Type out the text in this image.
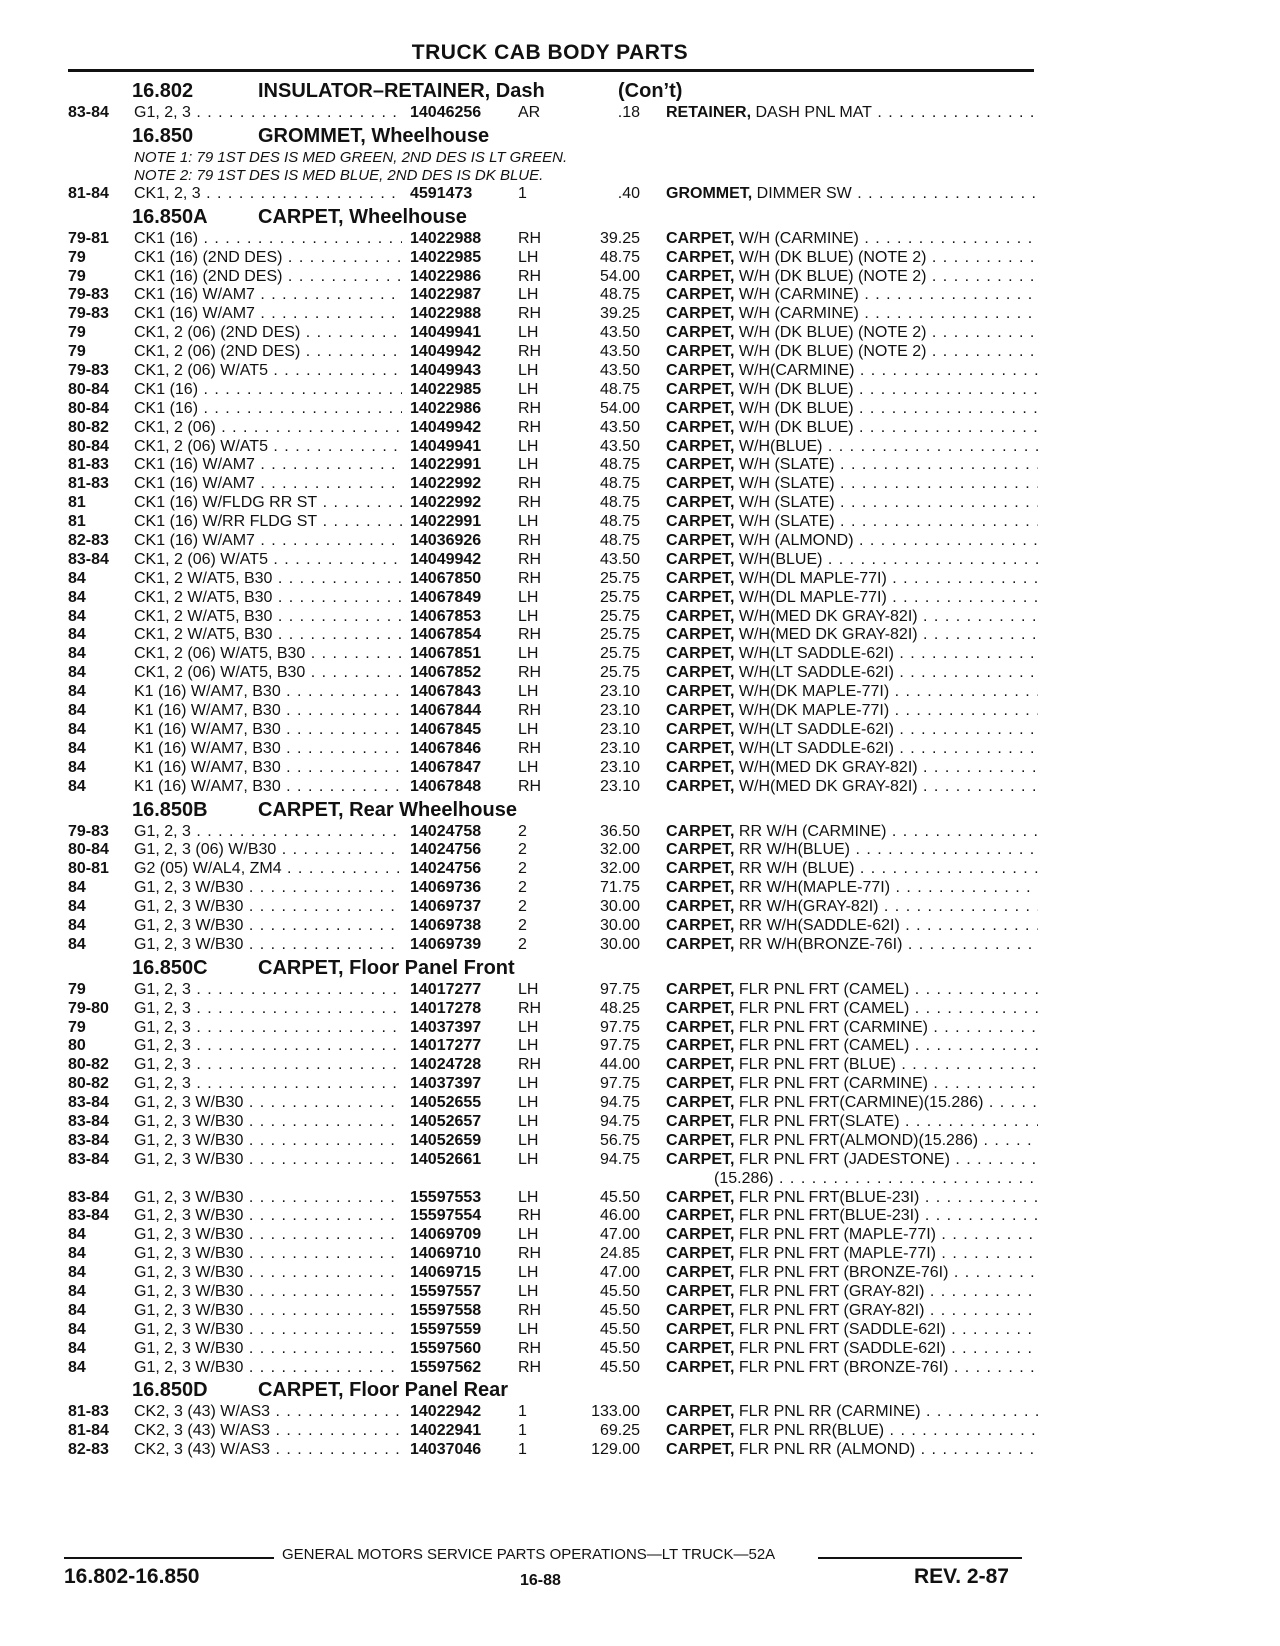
TRUCK CAB BODY PARTS
16.802	INSULATOR–RETAINER, Dash	(Con’t)
83-84 G1, 2, 3 . . .	14046256 AR	.18 RETAINER, DASH PNL MAT . . .
16.850	GROMMET, Wheelhouse
NOTE 1: 79 1ST DES IS MED GREEN, 2ND DES IS LT GREEN.
NOTE 2: 79 1ST DES IS MED BLUE, 2ND DES IS DK BLUE.
81-84 CK1, 2, 3 . . .	4591473	1	.40 GROMMET, DIMMER SW . . .
16.850A	CARPET, Wheelhouse
79-81 CK1 (16) . . .	14022988 RH	39.25 CARPET, W/H (CARMINE) . . .
79	CK1 (16) (2ND DES) . . .	14022985 LH	48.75 CARPET, W/H (DK BLUE) (NOTE 2) . . .
79	CK1 (16) (2ND DES) . . .	14022986 RH	54.00 CARPET, W/H (DK BLUE) (NOTE 2) . . .
79-83 CK1 (16) W/AM7 . . .	14022987 LH	48.75 CARPET, W/H (CARMINE) . . .
79-83 CK1 (16) W/AM7 . . .	14022988 RH	39.25 CARPET, W/H (CARMINE) . . .
79	CK1, 2 (06) (2ND DES) . . .	14049941 LH	43.50 CARPET, W/H (DK BLUE) (NOTE 2) . . .
79	CK1, 2 (06) (2ND DES) . . .	14049942 RH	43.50 CARPET, W/H (DK BLUE) (NOTE 2) . . .
79-83 CK1, 2 (06) W/AT5 . . .	14049943 LH	43.50 CARPET, W/H(CARMINE) . . .
80-84 CK1 (16) . . .	14022985 LH	48.75 CARPET, W/H (DK BLUE) . . .
80-84 CK1 (16) . . .	14022986 RH	54.00 CARPET, W/H (DK BLUE) . . .
80-82 CK1, 2 (06) . . .	14049942 RH	43.50 CARPET, W/H (DK BLUE) . . .
80-84 CK1, 2 (06) W/AT5 . . .	14049941 LH	43.50 CARPET, W/H(BLUE) . . .
81-83 CK1 (16) W/AM7 . . .	14022991 LH	48.75 CARPET, W/H (SLATE) . . .
81-83 CK1 (16) W/AM7 . . .	14022992 RH	48.75 CARPET, W/H (SLATE) . . .
81	CK1 (16) W/FLDG RR ST . . .	14022992 RH	48.75 CARPET, W/H (SLATE) . . .
81	CK1 (16) W/RR FLDG ST . . .	14022991 LH	48.75 CARPET, W/H (SLATE) . . .
82-83 CK1 (16) W/AM7 . . .	14036926 RH	48.75 CARPET, W/H (ALMOND) . . .
83-84 CK1, 2 (06) W/AT5 . . .	14049942 RH	43.50 CARPET, W/H(BLUE) . . .
84	CK1, 2 W/AT5, B30 . . .	14067850 RH	25.75 CARPET, W/H(DL MAPLE-77I) . . .
84	CK1, 2 W/AT5, B30 . . .	14067849 LH	25.75 CARPET, W/H(DL MAPLE-77I) . . .
84	CK1, 2 W/AT5, B30 . . .	14067853 LH	25.75 CARPET, W/H(MED DK GRAY-82I) . . .
84	CK1, 2 W/AT5, B30 . . .	14067854 RH	25.75 CARPET, W/H(MED DK GRAY-82I) . . .
84	CK1, 2 (06) W/AT5, B30 . . .	14067851 LH	25.75 CARPET, W/H(LT SADDLE-62I) . . .
84	CK1, 2 (06) W/AT5, B30 . . .	14067852 RH	25.75 CARPET, W/H(LT SADDLE-62I) . . .
84	K1 (16) W/AM7, B30 . . .	14067843 LH	23.10 CARPET, W/H(DK MAPLE-77I) . . .
84	K1 (16) W/AM7, B30 . . .	14067844 RH	23.10 CARPET, W/H(DK MAPLE-77I) . . .
84	K1 (16) W/AM7, B30 . . .	14067845 LH	23.10 CARPET, W/H(LT SADDLE-62I) . . .
84	K1 (16) W/AM7, B30 . . .	14067846 RH	23.10 CARPET, W/H(LT SADDLE-62I) . . .
84	K1 (16) W/AM7, B30 . . .	14067847 LH	23.10 CARPET, W/H(MED DK GRAY-82I) . . .
84	K1 (16) W/AM7, B30 . . .	14067848 RH	23.10 CARPET, W/H(MED DK GRAY-82I) . . .
16.850B	CARPET, Rear Wheelhouse
79-83 G1, 2, 3 . . .	14024758 2	36.50 CARPET, RR W/H (CARMINE) . . .
80-84 G1, 2, 3 (06) W/B30 . . .	14024756 2	32.00 CARPET, RR W/H(BLUE) . . .
80-81 G2 (05) W/AL4, ZM4 . . .	14024756 2	32.00 CARPET, RR W/H (BLUE) . . .
84	G1, 2, 3 W/B30 . . .	14069736 2	71.75 CARPET, RR W/H(MAPLE-77I) . . .
84	G1, 2, 3 W/B30 . . .	14069737 2	30.00 CARPET, RR W/H(GRAY-82I) . . .
84	G1, 2, 3 W/B30 . . .	14069738 2	30.00 CARPET, RR W/H(SADDLE-62I) . . .
84	G1, 2, 3 W/B30 . . .	14069739 2	30.00 CARPET, RR W/H(BRONZE-76I) . . .
16.850C	CARPET, Floor Panel Front
79	G1, 2, 3 . . .	14017277 LH	97.75 CARPET, FLR PNL FRT (CAMEL) . . .
79-80 G1, 2, 3 . . .	14017278 RH	48.25 CARPET, FLR PNL FRT (CAMEL) . . .
79	G1, 2, 3 . . .	14037397 LH	97.75 CARPET, FLR PNL FRT (CARMINE) . . .
80	G1, 2, 3 . . .	14017277 LH	97.75 CARPET, FLR PNL FRT (CAMEL) . . .
80-82 G1, 2, 3 . . .	14024728 RH	44.00 CARPET, FLR PNL FRT (BLUE) . . .
80-82 G1, 2, 3 . . .	14037397 LH	97.75 CARPET, FLR PNL FRT (CARMINE) . . .
83-84 G1, 2, 3 W/B30 . . .	14052655 LH	94.75 CARPET, FLR PNL FRT(CARMINE)(15.286) . . .
83-84 G1, 2, 3 W/B30 . . .	14052657 LH	94.75 CARPET, FLR PNL FRT(SLATE) . . .
83-84 G1, 2, 3 W/B30 . . .	14052659 LH	56.75 CARPET, FLR PNL FRT(ALMOND)(15.286) . . .
83-84 G1, 2, 3 W/B30 . . .	14052661 LH	94.75 CARPET, FLR PNL FRT (JADESTONE) . . .
(15.286) . . .
83-84 G1, 2, 3 W/B30 . . .	15597553 LH	45.50 CARPET, FLR PNL FRT(BLUE-23I) . . .
83-84 G1, 2, 3 W/B30 . . .	15597554 RH	46.00 CARPET, FLR PNL FRT(BLUE-23I) . . .
84	G1, 2, 3 W/B30 . . .	14069709 LH	47.00 CARPET, FLR PNL FRT (MAPLE-77I) . . .
84	G1, 2, 3 W/B30 . . .	14069710 RH	24.85 CARPET, FLR PNL FRT (MAPLE-77I) . . .
84	G1, 2, 3 W/B30 . . .	14069715 LH	47.00 CARPET, FLR PNL FRT (BRONZE-76I) . . .
84	G1, 2, 3 W/B30 . . .	15597557 LH	45.50 CARPET, FLR PNL FRT (GRAY-82I) . . .
84	G1, 2, 3 W/B30 . . .	15597558 RH	45.50 CARPET, FLR PNL FRT (GRAY-82I) . . .
84	G1, 2, 3 W/B30 . . .	15597559 LH	45.50 CARPET, FLR PNL FRT (SADDLE-62I) . . .
84	G1, 2, 3 W/B30 . . .	15597560 RH	45.50 CARPET, FLR PNL FRT (SADDLE-62I) . . .
84	G1, 2, 3 W/B30 . . .	15597562 RH	45.50 CARPET, FLR PNL FRT (BRONZE-76I) . . .
16.850D	CARPET, Floor Panel Rear
81-83 CK2, 3 (43) W/AS3 . . .	14022942 1	133.00 CARPET, FLR PNL RR (CARMINE) . . .
81-84 CK2, 3 (43) W/AS3 . . .	14022941 1	69.25 CARPET, FLR PNL RR(BLUE) . . .
82-83 CK2, 3 (43) W/AS3 . . .	14037046 1	129.00 CARPET, FLR PNL RR (ALMOND) . . .
GENERAL MOTORS SERVICE PARTS OPERATIONS—LT TRUCK—52A
16.802-16.850	16-88	REV. 2-87
